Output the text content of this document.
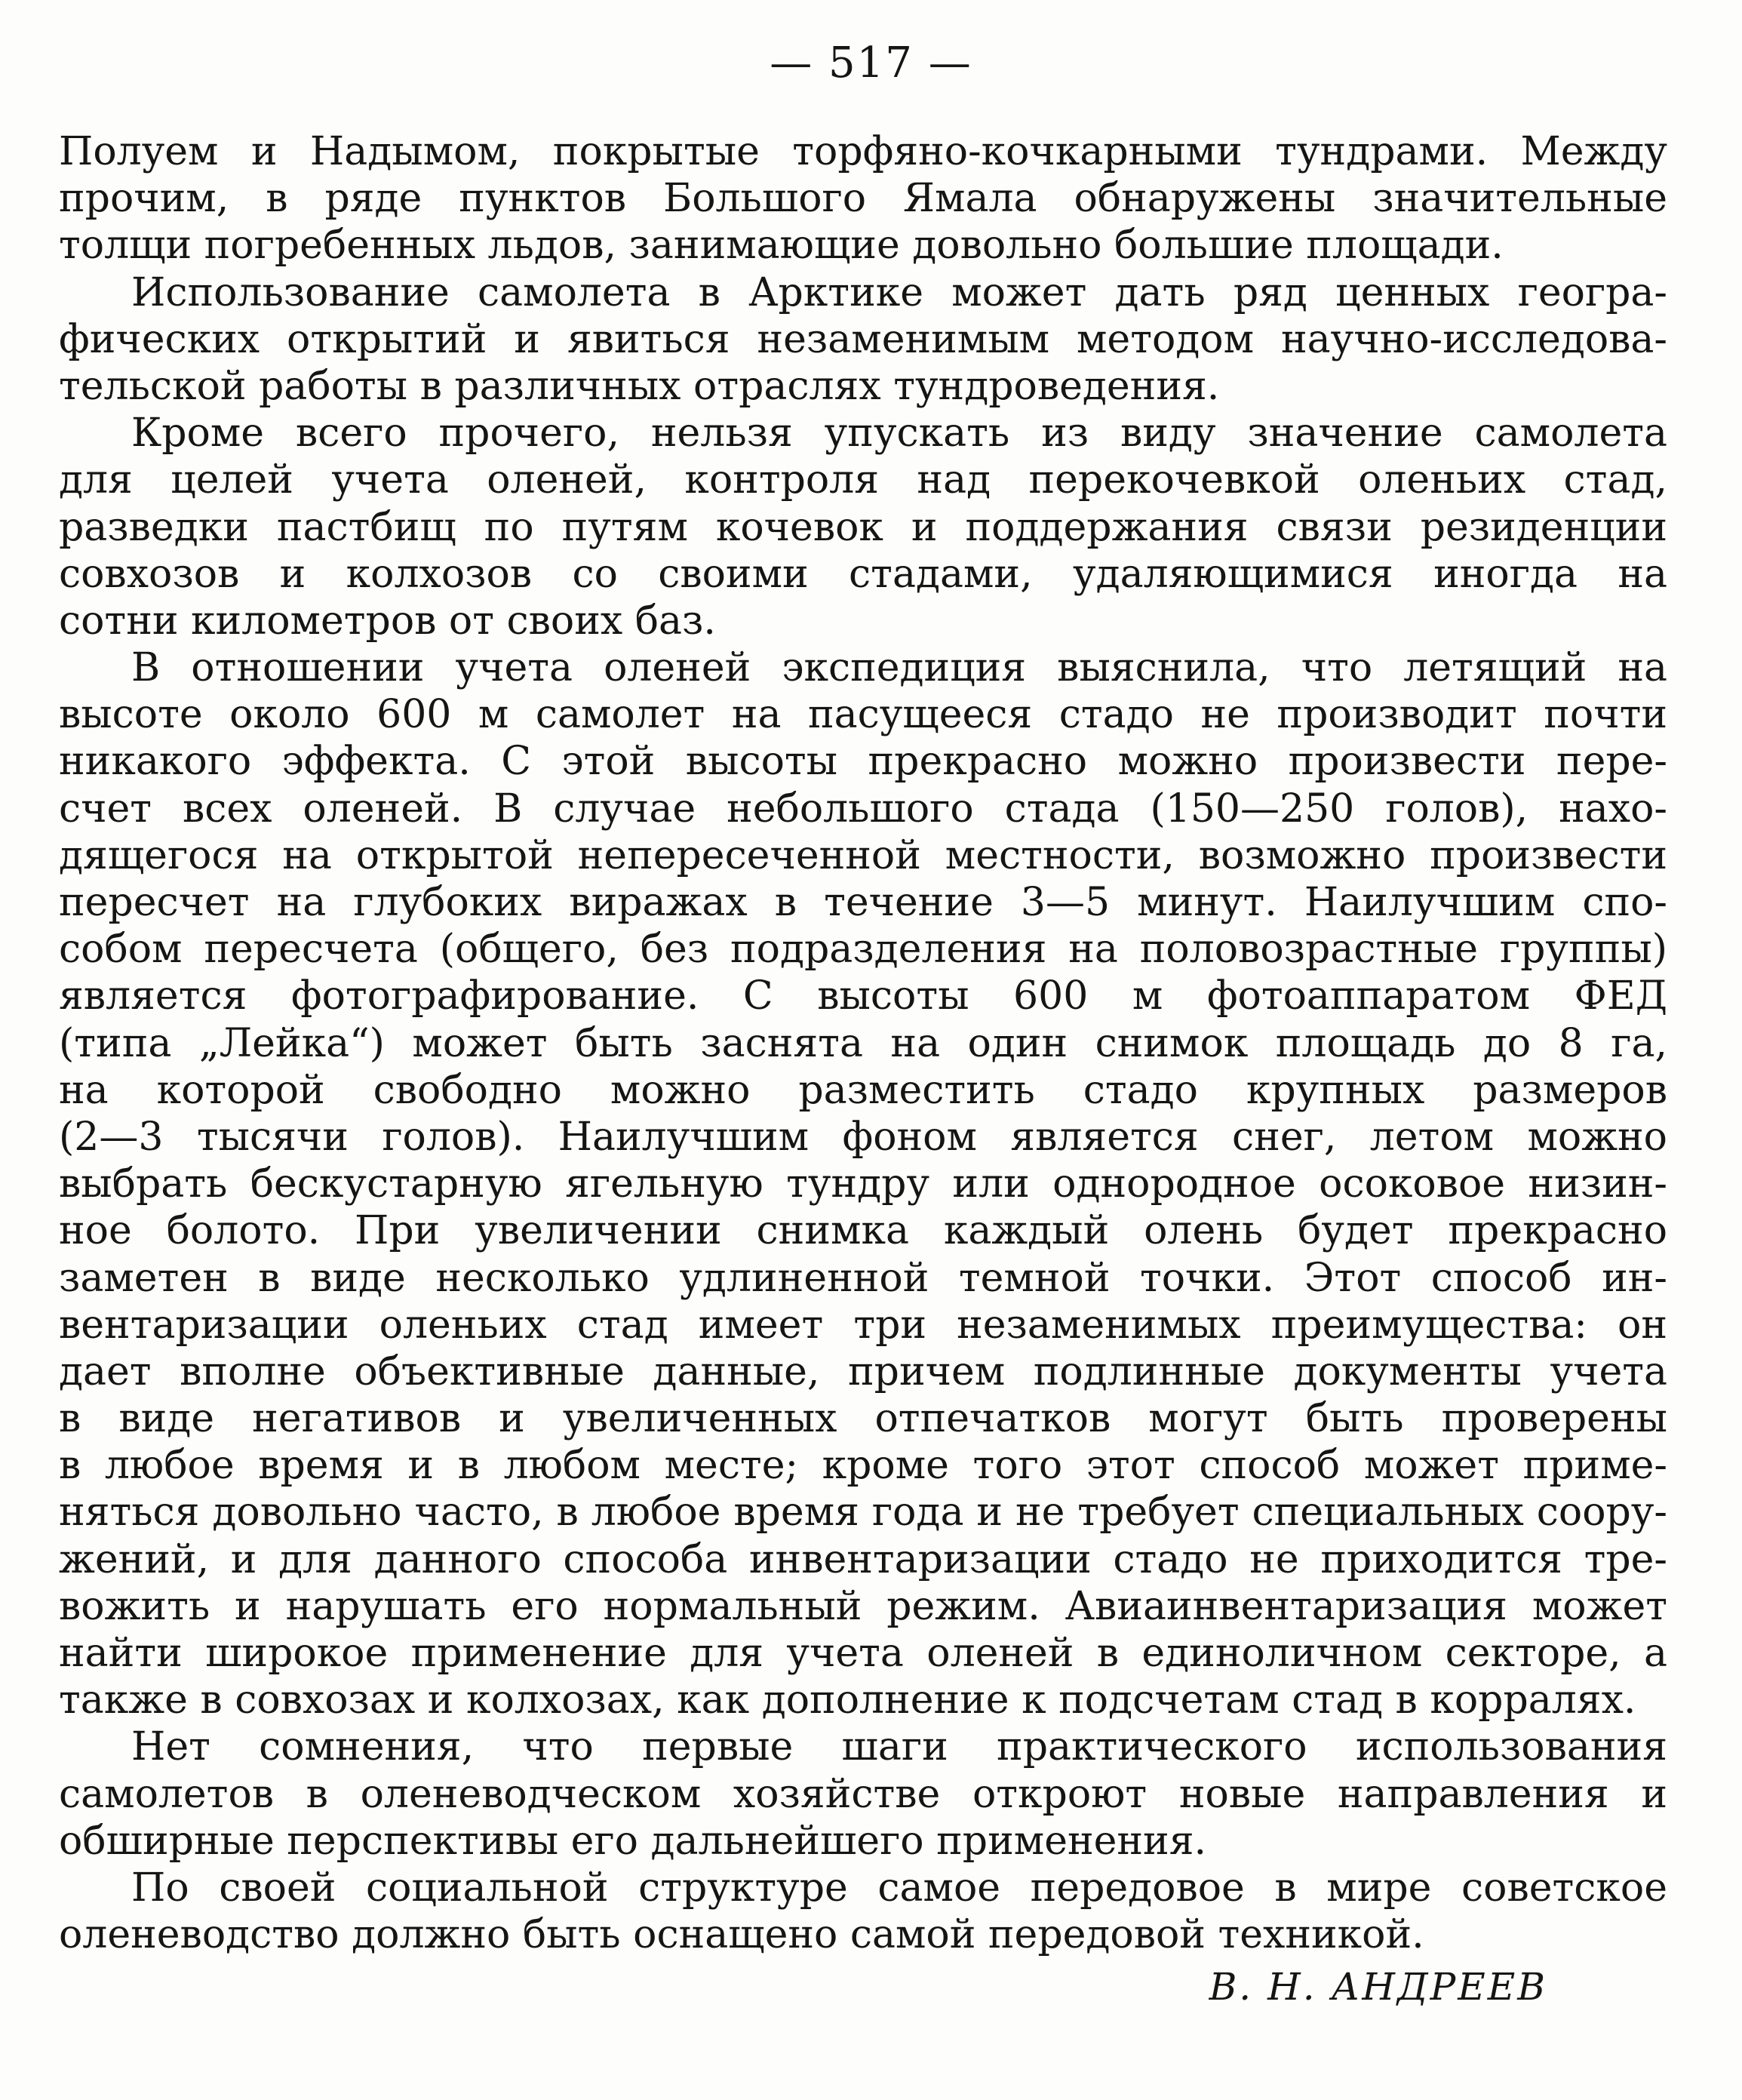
— 517 —
Полуем и Надымом, покрытые торфяно-кочкарными тундрами. Между
прочим, в ряде пунктов Большого Ямала обнаружены значительные
толщи погребенных льдов, занимающие довольно большие площади.
Использование самолета в Арктике может дать ряд ценных геогра-
фических открытий и явиться незаменимым методом научно-исследова-
тельской работы в различных отраслях тундроведения.
Кроме всего прочего, нельзя упускать из виду значение самолета
для целей учета оленей, контроля над перекочевкой оленьих стад,
разведки пастбищ по путям кочевок и поддержания связи резиденции
совхозов и колхозов со своими стадами, удаляющимися иногда на
сотни километров от своих баз.
В отношении учета оленей экспедиция выяснила, что летящий на
высоте около 600 м самолет на пасущееся стадо не производит почти
никакого эффекта. С этой высоты прекрасно можно произвести пере-
счет всех оленей. В случае небольшого стада (150—250 голов), нахо-
дящегося на открытой непересеченной местности, возможно произвести
пересчет на глубоких виражах в течение 3—5 минут. Наилучшим спо-
собом пересчета (общего, без подразделения на половозрастные группы)
является фотографирование. С высоты 600 м фотоаппаратом ФЕД
(типа „Лейка“) может быть заснята на один снимок площадь до 8 га,
на которой свободно можно разместить стадо крупных размеров
(2—3 тысячи голов). Наилучшим фоном является снег, летом можно
выбрать бескустарную ягельную тундру или однородное осоковое низин-
ное болото. При увеличении снимка каждый олень будет прекрасно
заметен в виде несколько удлиненной темной точки. Этот способ ин-
вентаризации оленьих стад имеет три незаменимых преимущества: он
дает вполне объективные данные, причем подлинные документы учета
в виде негативов и увеличенных отпечатков могут быть проверены
в любое время и в любом месте; кроме того этот способ может приме-
няться довольно часто, в любое время года и не требует специальных соору-
жений, и для данного способа инвентаризации стадо не приходится тре-
вожить и нарушать его нормальный режим. Авиаинвентаризация может
найти широкое применение для учета оленей в единоличном секторе, а
также в совхозах и колхозах, как дополнение к подсчетам стад в корралях.
Нет сомнения, что первые шаги практического использования
самолетов в оленеводческом хозяйстве откроют новые направления и
обширные перспективы его дальнейшего применения.
По своей социальной структуре самое передовое в мире советское
оленеводство должно быть оснащено самой передовой техникой.
В. Н. АНДРЕЕВ
